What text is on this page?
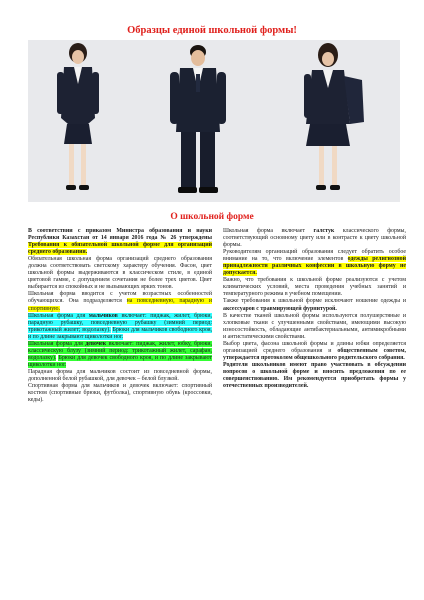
Образцы единой школьной формы!
О школьной форме

В соответствии с приказом Министра образования и науки Республики Казахстан от 14 января 2016 года № 26 утверждены Требования к обязательной школьной форме для организаций среднего образования.

Обязательная школьная форма организаций среднего образования должна соответствовать светскому характеру обучения. Фасон, цвет школьной формы выдерживаются в классическом стиле, в единой цветовой гамме, с допущением сочетания не более трех цветов. Цвет выбирается из спокойных и не вызывающих ярких тонов.

Школьная форма вводится с учетом возрастных особенностей обучающихся. Она подразделяется на повседневную, парадную и спортивную.

Школьная форма для мальчиков включает: пиджак, жилет, брюки, парадную рубашку, повседневную рубашку (зимний период: трикотажный жилет; водолазку). Брюки для мальчиков свободного кроя, и по длине закрывают щиколотки ног.

Школьная форма для девочек включает: пиджак, жилет, юбку, брюки, классическую блузу (зимний период: трикотажный жилет, сарафан, водолазку). Брюки для девочек свободного кроя, и по длине закрывают щиколотки ног.

Парадная форма для мальчиков состоит из повседневной формы, дополненной белой рубашкой, для девочек – белой блузкой.

Спортивная форма для мальчиков и девочек включает: спортивный костюм (спортивные брюки, футболка), спортивную обувь (кроссовки, кеды).

Школьная форма включает галстук классического формы, соответствующий основному цвету или в контрасте к цвету школьной формы.

Руководителям организаций образования следует обратить особое внимание на то, что включение элементов одежды религиозной принадлежности различных конфессии в школьную форму не допускается.

Важно, что требования к школьной форме реализуются с учетом климатических условий, места проведения учебных занятий и температурного режима в учебном помещении.

Также требования к школьной форме исключают ношение одежды и аксессуаров с травмирующей фурнитурой.

В качестве тканей школьной формы используются полушерстяные и хлопковые ткани с улучшенными свойствами, имеющими высокую износостойкость, обладающие антибактериальными, антимикробными и антистатическими свойствами.

Выбор цвета, фасона школьной формы и длины юбки определяется организацией среднего образования и общественным советом, утверждается протоколом общешкольного родительского собрания.

Родители школьников имеют право участвовать в обсуждении вопросов о школьной форме и вносить предложения по ее совершенствованию. Им рекомендуется приобретать формы у отечественных производителей.
